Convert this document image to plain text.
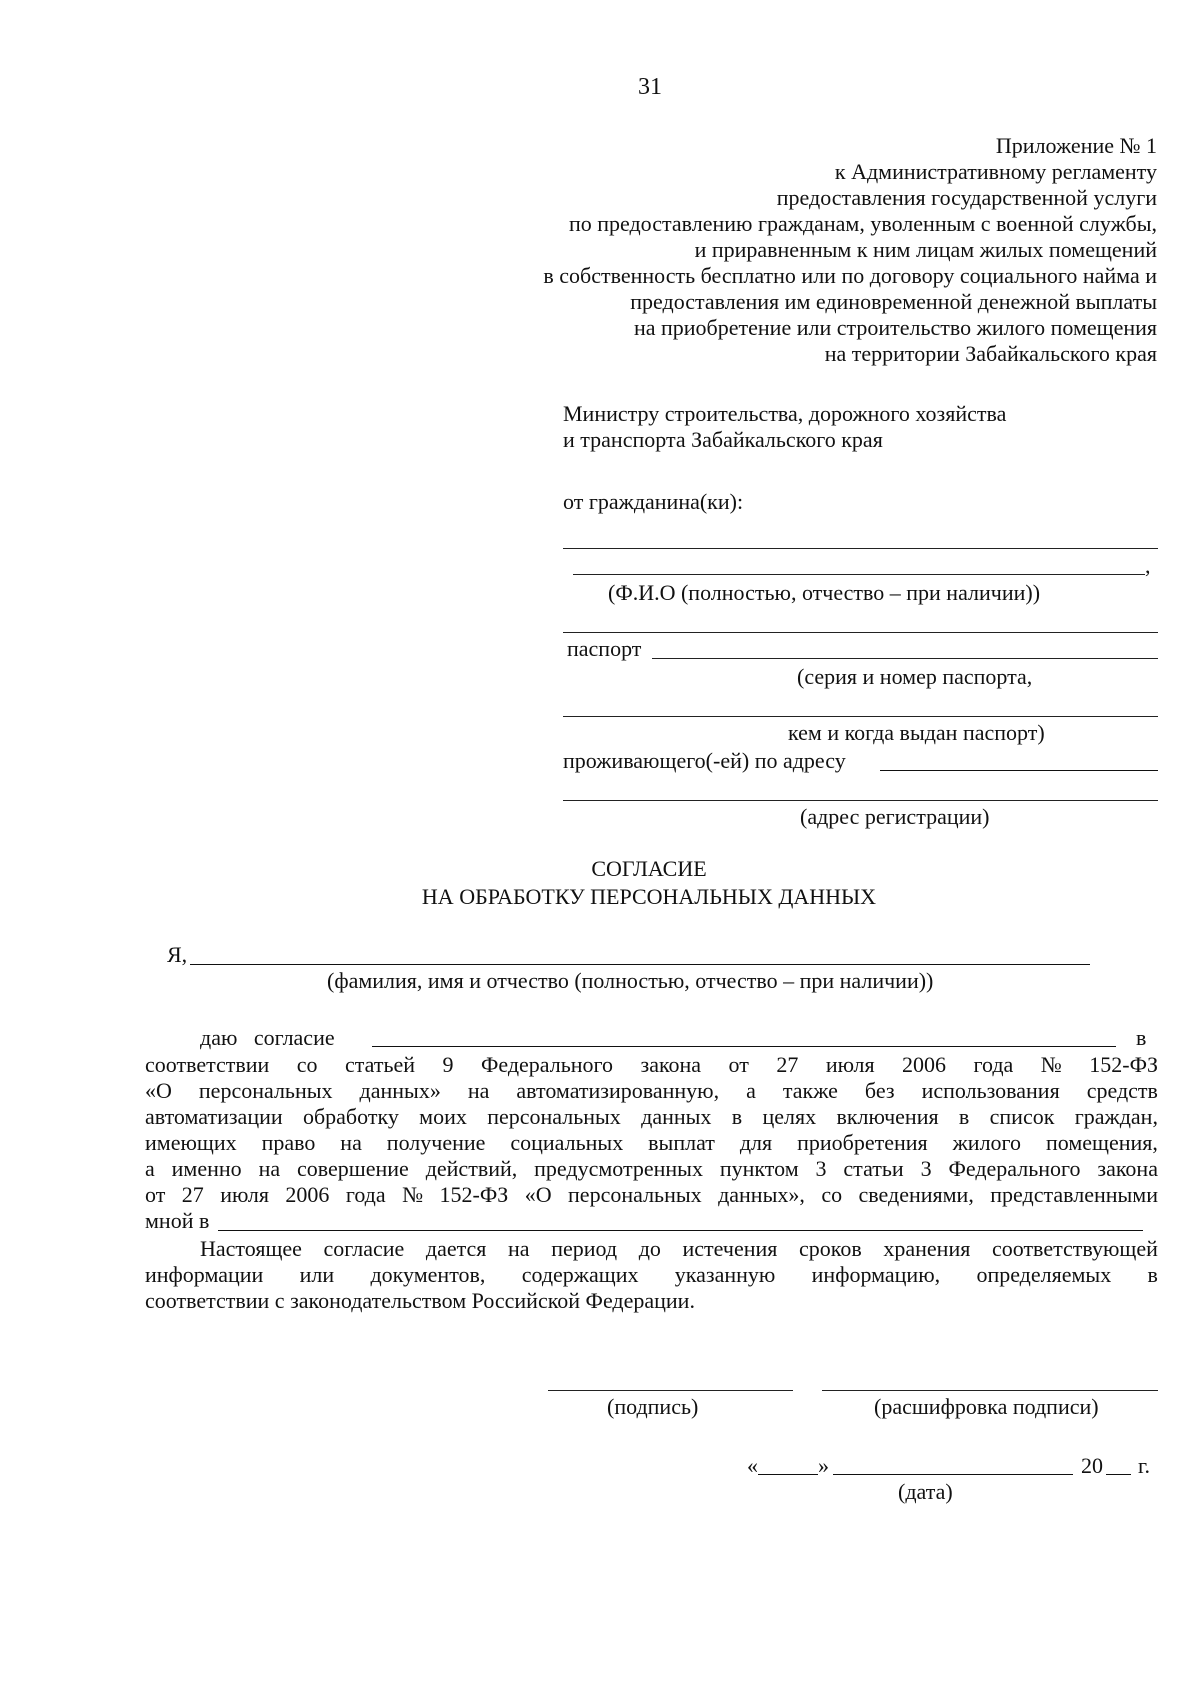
31
Приложение № 1
к Административному регламенту
предоставления государственной услуги
по предоставлению гражданам, уволенным с военной службы,
и приравненным к ним лицам жилых помещений
в собственность бесплатно или по договору социального найма и
предоставления им единовременной денежной выплаты
на приобретение или строительство жилого помещения
на территории Забайкальского края
Министру строительства, дорожного хозяйства
и транспорта Забайкальского края
от гражданина(ки):
,
(Ф.И.О (полностью, отчество – при наличии))
паспорт
(серия и номер паспорта,
кем и когда выдан паспорт)
проживающего(-ей) по адресу
(адрес регистрации)
СОГЛАСИЕ
НА ОБРАБОТКУ ПЕРСОНАЛЬНЫХ ДАННЫХ
Я,
(фамилия, имя и отчество (полностью, отчество – при наличии))
даю   согласие	в
соответствии со статьей 9 Федерального закона от 27 июля 2006 года № 152-ФЗ
«О персональных данных» на автоматизированную, а также без использования средств
автоматизации обработку моих персональных данных в целях включения в список граждан,
имеющих право на получение социальных выплат для приобретения жилого помещения,
а именно на совершение действий, предусмотренных пунктом 3 статьи 3 Федерального закона
от 27 июля 2006 года № 152-ФЗ «О персональных данных», со сведениями, представленными
мной в
Настоящее согласие дается на период до истечения сроков хранения соответствующей
информации или документов, содержащих указанную информацию, определяемых в
соответствии с законодательством Российской Федерации.
(подпись)	(расшифровка подписи)
«	»	20 г.
(дата)
